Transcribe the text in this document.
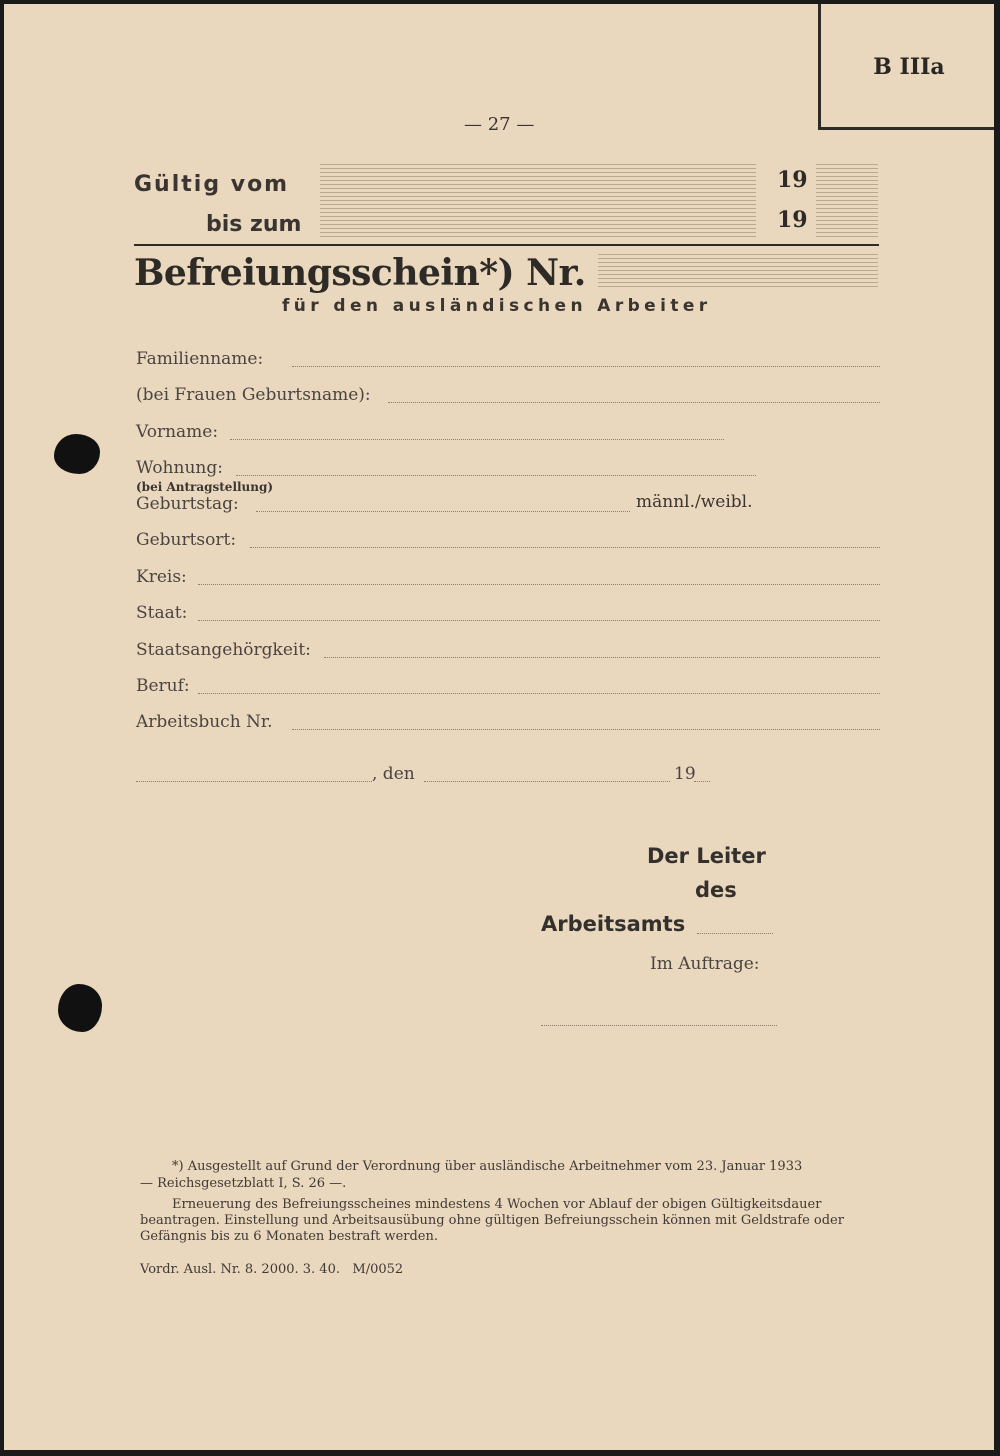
B IIIa
— 27 —
Gültig vom	19
bis zum	19
Befreiungsschein*) Nr.
für den ausländischen Arbeiter
Familienname:
(bei Frauen Geburtsname):
Vorname:
Wohnung:
(bei Antragstellung)
Geburtstag:	männl./weibl.
Geburtsort:
Kreis:
Staat:
Staatsangehörgkeit:
Beruf:
Arbeitsbuch Nr.
, den	19
Der Leiter
des
Arbeitsamts
Im Auftrage:
*) Ausgestellt auf Grund der Verordnung über ausländische Arbeitnehmer vom 23. Januar 1933
— Reichsgesetzblatt I, S. 26 —.
Erneuerung des Befreiungsscheines mindestens 4 Wochen vor Ablauf der obigen Gültigkeitsdauer
beantragen. Einstellung und Arbeitsausübung ohne gültigen Befreiungsschein können mit Geldstrafe oder
Gefängnis bis zu 6 Monaten bestraft werden.
Vordr. Ausl. Nr. 8. 2000. 3. 40.   M/0052
